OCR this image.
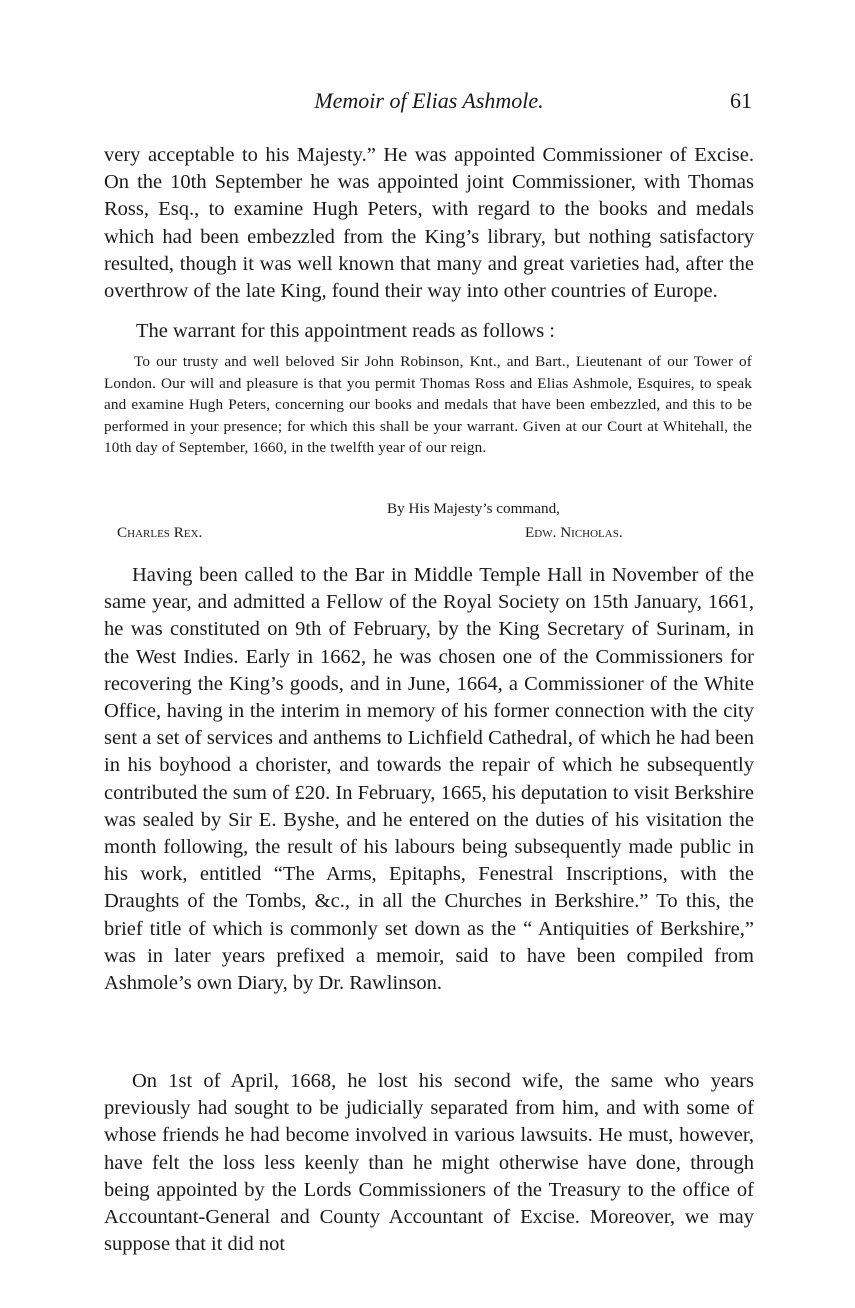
Memoir of Elias Ashmole.	61
very acceptable to his Majesty.” He was appointed Commissioner of Excise. On the 10th September he was appointed joint Commissioner, with Thomas Ross, Esq., to examine Hugh Peters, with regard to the books and medals which had been embezzled from the King’s library, but nothing satisfactory resulted, though it was well known that many and great varieties had, after the overthrow of the late King, found their way into other countries of Europe.
The warrant for this appointment reads as follows :
To our trusty and well beloved Sir John Robinson, Knt., and Bart., Lieutenant of our Tower of London. Our will and pleasure is that you permit Thomas Ross and Elias Ashmole, Esquires, to speak and examine Hugh Peters, concerning our books and medals that have been embezzled, and this to be performed in your presence; for which this shall be your warrant. Given at our Court at Whitehall, the 10th day of September, 1660, in the twelfth year of our reign.
By His Majesty’s command,
Charles Rex.	Edw. Nicholas.
Having been called to the Bar in Middle Temple Hall in November of the same year, and admitted a Fellow of the Royal Society on 15th January, 1661, he was constituted on 9th of February, by the King Secretary of Surinam, in the West Indies. Early in 1662, he was chosen one of the Commissioners for recovering the King’s goods, and in June, 1664, a Commissioner of the White Office, having in the interim in memory of his former connection with the city sent a set of services and anthems to Lichfield Cathedral, of which he had been in his boyhood a chorister, and towards the repair of which he subsequently contributed the sum of £20. In February, 1665, his deputation to visit Berkshire was sealed by Sir E. Byshe, and he entered on the duties of his visitation the month following, the result of his labours being subsequently made public in his work, entitled “The Arms, Epitaphs, Fenestral Inscriptions, with the Draughts of the Tombs, &c., in all the Churches in Berkshire.” To this, the brief title of which is commonly set down as the “ Antiquities of Berkshire,” was in later years prefixed a memoir, said to have been compiled from Ashmole’s own Diary, by Dr. Rawlinson.
On 1st of April, 1668, he lost his second wife, the same who years previously had sought to be judicially separated from him, and with some of whose friends he had become involved in various lawsuits. He must, however, have felt the loss less keenly than he might otherwise have done, through being appointed by the Lords Commissioners of the Treasury to the office of Accountant-General and County Accountant of Excise. Moreover, we may suppose that it did not
